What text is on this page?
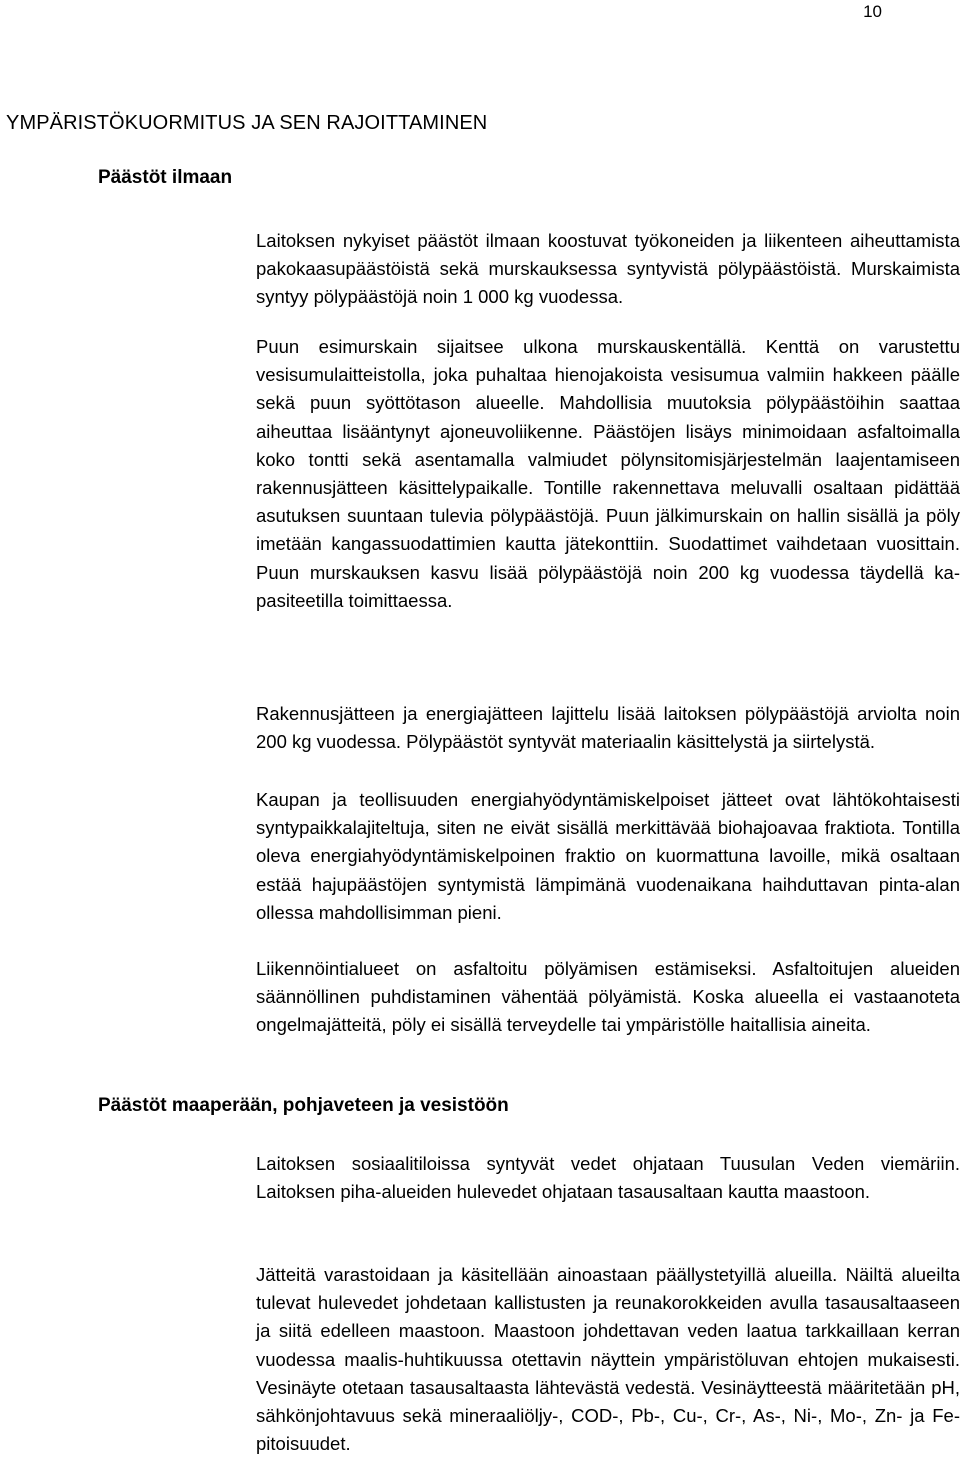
10
YMPÄRISTÖKUORMITUS JA SEN RAJOITTAMINEN
Päästöt ilmaan

Laitoksen nykyiset päästöt ilmaan koostuvat työkoneiden ja liikenteen aiheuttamista pakokaasupäästöistä sekä murskauksessa syntyvistä pölypäästöistä. Murskaimista syntyy pölypäästöjä noin 1 000 kg vuodessa.

Puun esimurskain sijaitsee ulkona murskauskentällä. Kenttä on varustettu vesisumulaitteistolla, joka puhaltaa hienojakoista vesisumua valmiin hakkeen päälle sekä puun syöttötason alueelle. Mahdollisia muutoksia pölypäästöihin saattaa aiheuttaa lisääntynyt ajoneuvoliikenne. Päästöjen lisäys minimoidaan asfaltoimalla koko tontti sekä asentamalla valmiudet pölynsitomisjärjestelmän laajentamiseen rakennusjätteen käsittelypaikalle. Tontille rakennettava meluvalli osaltaan pidättää asutuksen suuntaan tulevia pölypäästöjä. Puun jälkimurskain on hallin sisällä ja pöly imetään kangassuodattimien kautta jätekonttiin. Suodattimet vaihdetaan vuosittain. Puun murskauksen kasvu lisää pölypäästöjä noin 200 kg vuodessa täydellä kapasiteetilla toimittaessa.

Rakennusjätteen ja energiajätteen lajittelu lisää laitoksen pölypäästöjä arviolta noin 200 kg vuodessa. Pölypäästöt syntyvät materiaalin käsittelystä ja siirtelystä.

Kaupan ja teollisuuden energiahyödyntämiskelpoiset jätteet ovat lähtökohtaisesti syntypaikkalajiteltuja, siten ne eivät sisällä merkittävää biohajoavaa fraktiota. Tontilla oleva energiahyödyntämiskelpoinen fraktio on kuormattuna lavoille, mikä osaltaan estää hajupäästöjen syntymistä lämpimänä vuodenaikana haihduttavan pinta-alan ollessa mahdollisimman pieni.

Liikennöintialueet on asfaltoitu pölyämisen estämiseksi. Asfaltoitujen alueiden säännöllinen puhdistaminen vähentää pölyämistä. Koska alueella ei vastaanoteta ongelmajätteitä, pöly ei sisällä terveydelle tai ympäristölle haitallisia aineita.

Päästöt maaperään, pohjaveteen ja vesistöön

Laitoksen sosiaalitiloissa syntyvät vedet ohjataan Tuusulan Veden viemäriin. Laitoksen piha-alueiden hulevedet ohjataan tasausaltaan kautta maastoon.

Jätteitä varastoidaan ja käsitellään ainoastaan päällystetyillä alueilla. Näiltä alueilta tulevat hulevedet johdetaan kallistusten ja reunakorokkeiden avulla tasausaltaaseen ja siitä edelleen maastoon. Maastoon johdettavan veden laatua tarkkaillaan kerran vuodessa maalis-huhtikuussa otettavin näyttein ympäristöluvan ehtojen mukaisesti. Vesinäyte otetaan tasausaltaasta lähtevästä vedestä. Vesinäytteestä määritetään pH, sähkönjohtavuus sekä mineraaliöljy-, COD-, Pb-, Cu-, Cr-, As-, Ni-, Mo-, Zn- ja Fe-pitoisuudet.
